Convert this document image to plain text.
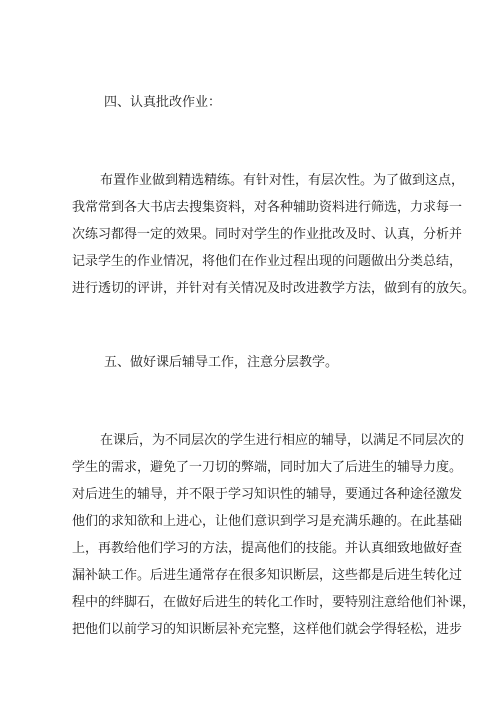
四、认真批改作业：
布置作业做到精选精练。有针对性，有层次性。为了做到这点，
我常常到各大书店去搜集资料，对各种辅助资料进行筛选，力求每一
次练习都得一定的效果。同时对学生的作业批改及时、认真，分析并
记录学生的作业情况，将他们在作业过程出现的问题做出分类总结，
进行透切的评讲，并针对有关情况及时改进教学方法，做到有的放矢。
五、做好课后辅导工作，注意分层教学。
在课后，为不同层次的学生进行相应的辅导，以满足不同层次的
学生的需求，避免了一刀切的弊端，同时加大了后进生的辅导力度。
对后进生的辅导，并不限于学习知识性的辅导，要通过各种途径激发
他们的求知欲和上进心，让他们意识到学习是充满乐趣的。在此基础
上，再教给他们学习的方法，提高他们的技能。并认真细致地做好查
漏补缺工作。后进生通常存在很多知识断层，这些都是后进生转化过
程中的绊脚石，在做好后进生的转化工作时，要特别注意给他们补课，
把他们以前学习的知识断层补充完整，这样他们就会学得轻松，进步
